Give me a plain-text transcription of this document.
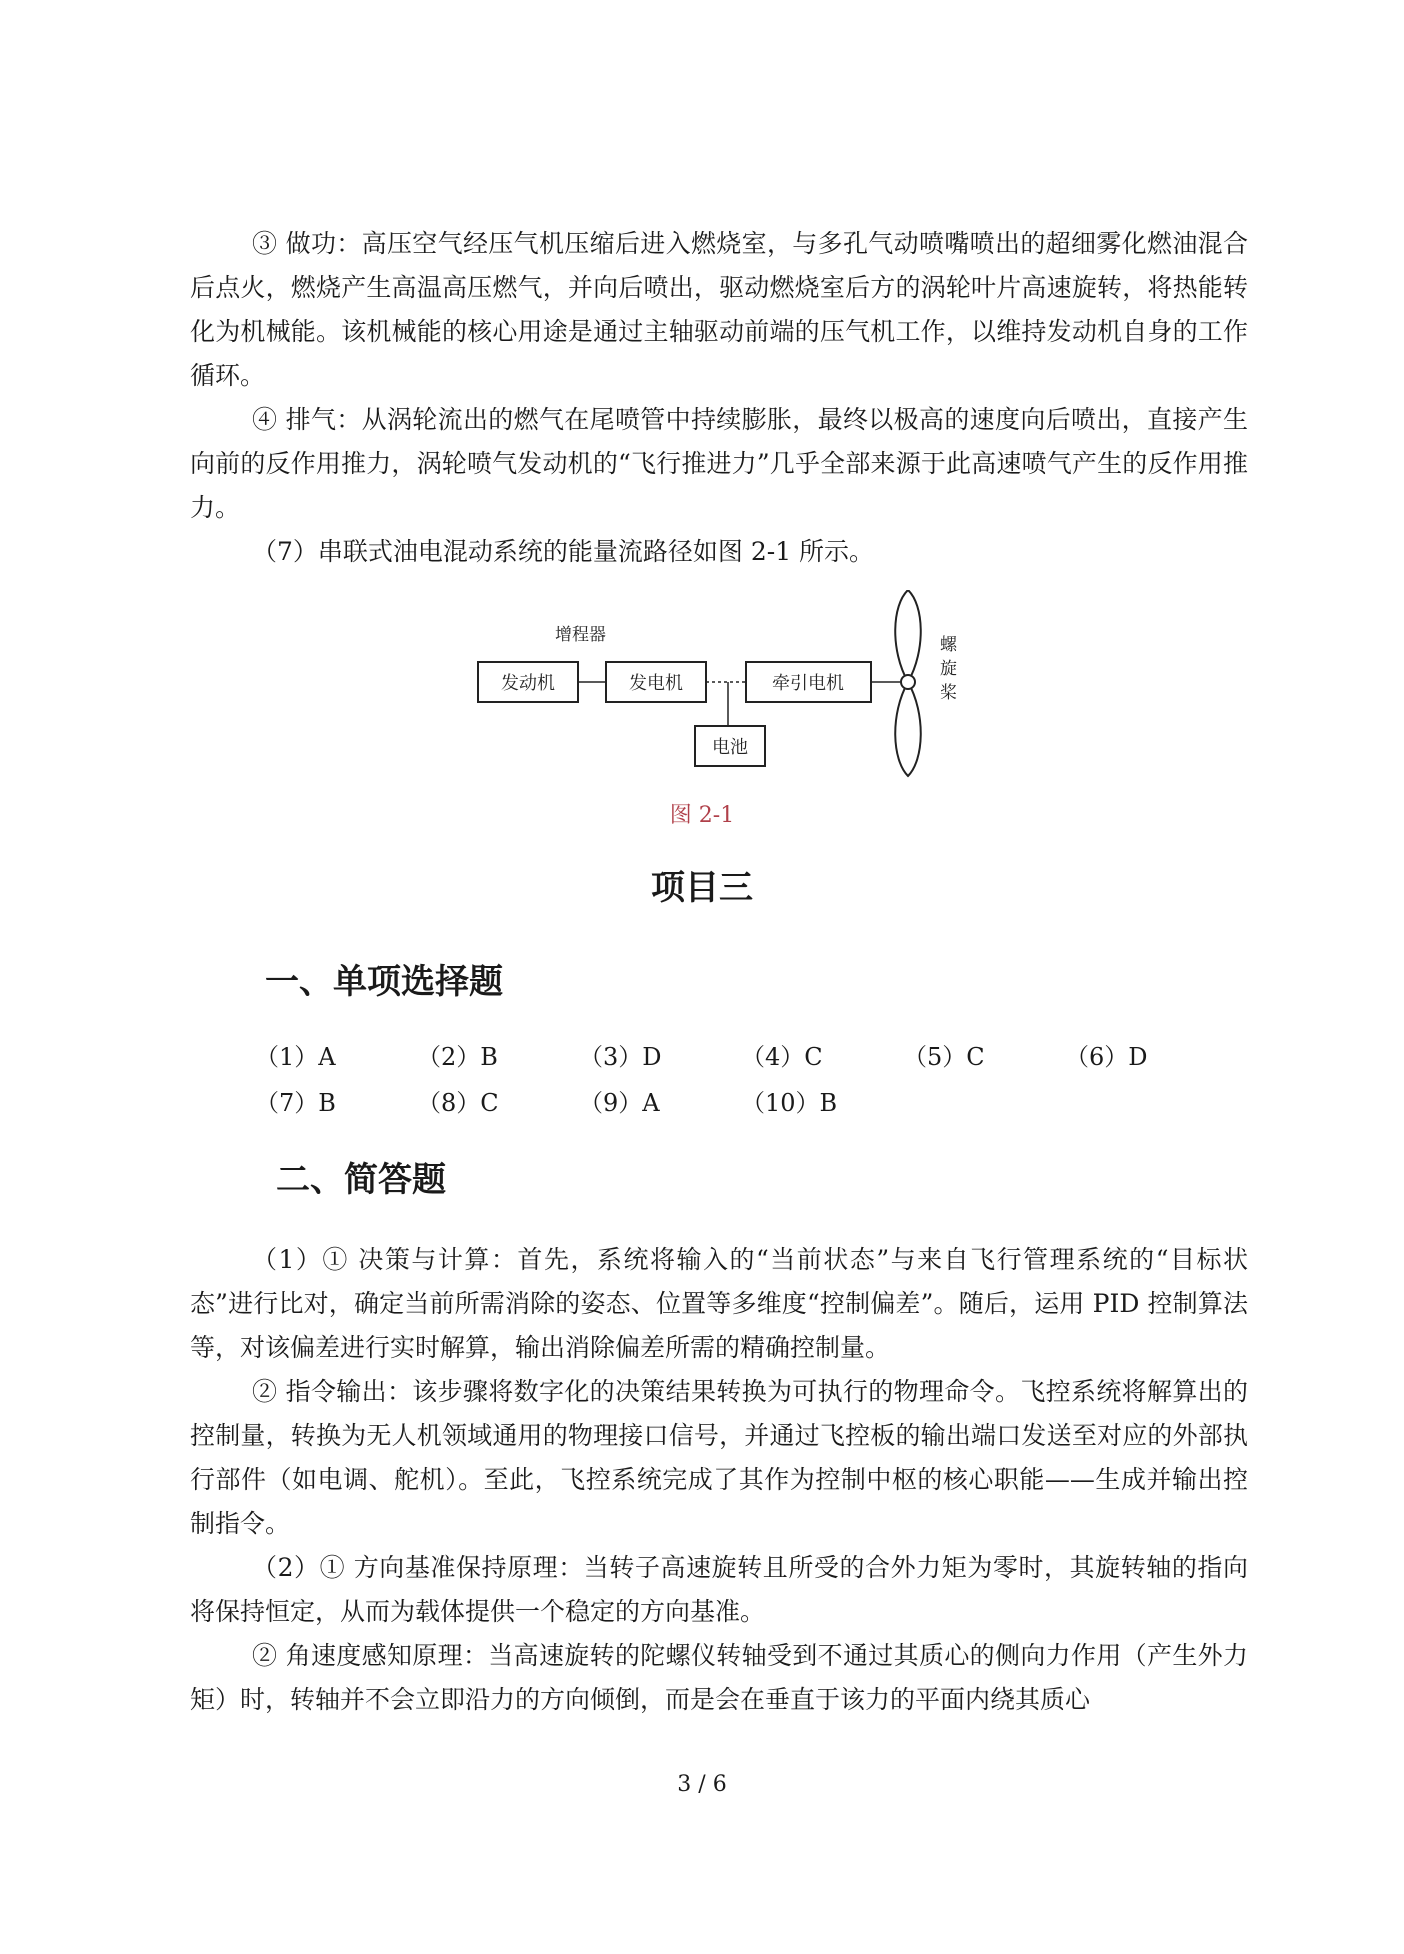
③ 做功：高压空气经压气机压缩后进入燃烧室，与多孔气动喷嘴喷出的超细雾化燃油混合后点火，燃烧产生高温高压燃气，并向后喷出，驱动燃烧室后方的涡轮叶片高速旋转，将热能转化为机械能。该机械能的核心用途是通过主轴驱动前端的压气机工作，以维持发动机自身的工作循环。

④ 排气：从涡轮流出的燃气在尾喷管中持续膨胀，最终以极高的速度向后喷出，直接产生向前的反作用推力，涡轮喷气发动机的“飞行推进力”几乎全部来源于此高速喷气产生的反作用推力。

（7）串联式油电混动系统的能量流路径如图 2-1 所示。

增程器
发动机	发电机	牵引电机
电池
螺
旋
桨

图 2-1

项目三
一、单项选择题
（1）A	（2）B	（3）D	（4）C	（5）C	（6）D
（7）B	（8）C	（9）A	（10）B
二、简答题

（1）① 决策与计算：首先，系统将输入的“当前状态”与来自飞行管理系统的“目标状态”进行比对，确定当前所需消除的姿态、位置等多维度“控制偏差”。随后，运用 PID 控制算法等，对该偏差进行实时解算，输出消除偏差所需的精确控制量。

② 指令输出：该步骤将数字化的决策结果转换为可执行的物理命令。飞控系统将解算出的控制量，转换为无人机领域通用的物理接口信号，并通过飞控板的输出端口发送至对应的外部执行部件（如电调、舵机）。至此，飞控系统完成了其作为控制中枢的核心职能——生成并输出控制指令。

（2）① 方向基准保持原理：当转子高速旋转且所受的合外力矩为零时，其旋转轴的指向将保持恒定，从而为载体提供一个稳定的方向基准。

② 角速度感知原理：当高速旋转的陀螺仪转轴受到不通过其质心的侧向力作用（产生外力矩）时，转轴并不会立即沿力的方向倾倒，而是会在垂直于该力的平面内绕其质心

3 / 6
